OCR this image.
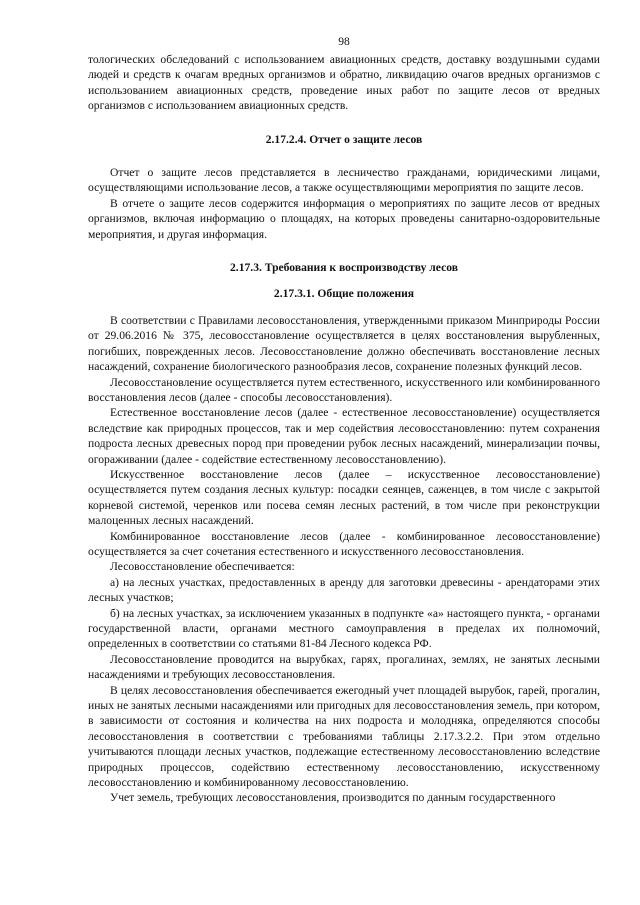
98

тологических обследований с использованием авиационных средств, доставку воздушными судами людей и средств к очагам вредных организмов и обратно, ликвидацию очагов вредных организмов с использованием авиационных средств, проведение иных работ по защите лесов от вредных организмов с использованием авиационных средств.

2.17.2.4. Отчет о защите лесов

Отчет о защите лесов представляется в лесничество гражданами, юридическими лицами, осуществляющими использование лесов, а также осуществляющими мероприятия по защите лесов.

В отчете о защите лесов содержится информация о мероприятиях по защите лесов от вредных организмов, включая информацию о площадях, на которых проведены санитарно-оздоровительные мероприятия, и другая информация.

2.17.3. Требования к воспроизводству лесов
2.17.3.1. Общие положения

В соответствии с Правилами лесовосстановления, утвержденными приказом Минприроды России от 29.06.2016 № 375, лесовосстановление осуществляется в целях восстановления вырубленных, погибших, поврежденных лесов. Лесовосстановление должно обеспечивать восстановление лесных насаждений, сохранение биологического разнообразия лесов, сохранение полезных функций лесов.

Лесовосстановление осуществляется путем естественного, искусственного или комбинированного восстановления лесов (далее - способы лесовосстановления).

Естественное восстановление лесов (далее - естественное лесовосстановление) осуществляется вследствие как природных процессов, так и мер содействия лесовосстановлению: путем сохранения подроста лесных древесных пород при проведении рубок лесных насаждений, минерализации почвы, огораживании (далее - содействие естественному лесовосстановлению).

Искусственное восстановление лесов (далее – искусственное лесовосстановление) осуществляется путем создания лесных культур: посадки сеянцев, саженцев, в том числе с закрытой корневой системой, черенков или посева семян лесных растений, в том числе при реконструкции малоценных лесных насаждений.

Комбинированное восстановление лесов (далее - комбинированное лесовосстановление) осуществляется за счет сочетания естественного и искусственного лесовосстановления.

Лесовосстановление обеспечивается:

а) на лесных участках, предоставленных в аренду для заготовки древесины - арендаторами этих лесных участков;

б) на лесных участках, за исключением указанных в подпункте «а» настоящего пункта, - органами государственной власти, органами местного самоуправления в пределах их полномочий, определенных в соответствии со статьями 81-84 Лесного кодекса РФ.

Лесовосстановление проводится на вырубках, гарях, прогалинах, землях, не занятых лесными насаждениями и требующих лесовосстановления.

В целях лесовосстановления обеспечивается ежегодный учет площадей вырубок, гарей, прогалин, иных не занятых лесными насаждениями или пригодных для лесовосстановления земель, при котором, в зависимости от состояния и количества на них подроста и молодняка, определяются способы лесовосстановления в соответствии с требованиями таблицы 2.17.3.2.2. При этом отдельно учитываются площади лесных участков, подлежащие естественному лесовосстановлению вследствие природных процессов, содействию естественному лесовосстановлению, искусственному лесовосстановлению и комбинированному лесовосстановлению.

Учет земель, требующих лесовосстановления, производится по данным государственного
